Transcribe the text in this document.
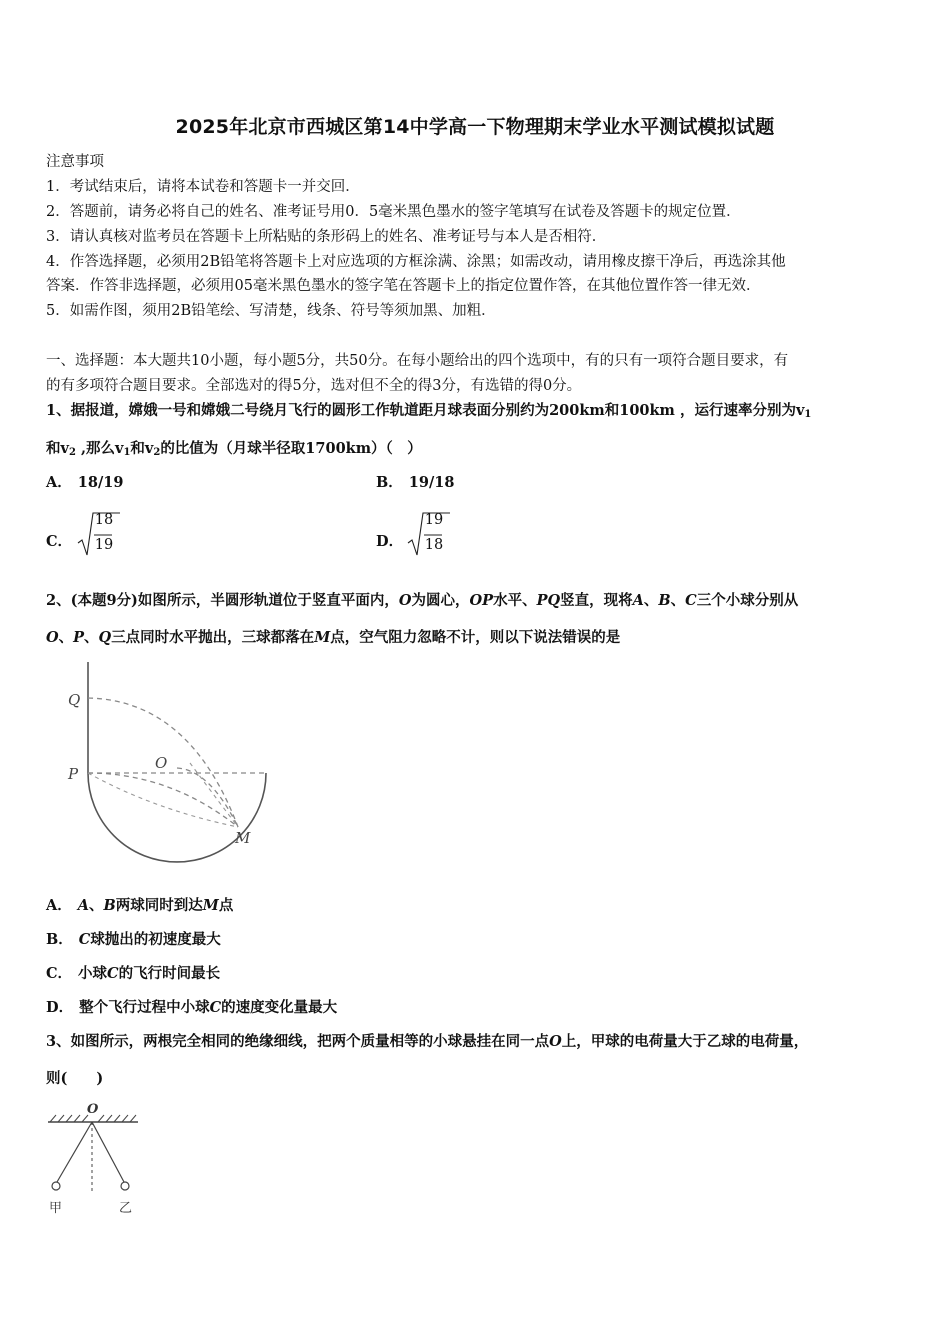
2025年北京市西城区第14中学高一下物理期末学业水平测试模拟试题
注意事项
1．考试结束后，请将本试卷和答题卡一并交回．
2．答题前，请务必将自己的姓名、准考证号用0．5毫米黑色墨水的签字笔填写在试卷及答题卡的规定位置．
3．请认真核对监考员在答题卡上所粘贴的条形码上的姓名、准考证号与本人是否相符．
4．作答选择题，必须用2B铅笔将答题卡上对应选项的方框涂满、涂黑；如需改动，请用橡皮擦干净后，再选涂其他
答案．作答非选择题，必须用05毫米黑色墨水的签字笔在答题卡上的指定位置作答，在其他位置作答一律无效．
5．如需作图，须用2B铅笔绘、写清楚，线条、符号等须加黑、加粗．
一、选择题：本大题共10小题，每小题5分，共50分。在每小题给出的四个选项中，有的只有一项符合题目要求，有
的有多项符合题目要求。全部选对的得5分，选对但不全的得3分，有选错的得0分。
1、据报道，嫦娥一号和嫦娥二号绕月飞行的圆形工作轨道距月球表面分别约为200km和100km ，运行速率分别为$v_1$
和$v_2$ ,那么$v_1$和$v_2$的比值为（月球半径取1700km）（　）
A． 18/19	B． 19/18
C．
18
19	D．
19
18
2、(本题9分)如图所示，半圆形轨道位于竖直平面内，O为圆心，OP水平、PQ竖直，现将A、B、C三个小球分别从
O、P、Q三点同时水平抛出，三球都落在M点，空气阻力忽略不计，则以下说法错误的是
Q
P
O
M
A． A、B两球同时到达M点
B． C球抛出的初速度最大
C． 小球C的飞行时间最长
D． 整个飞行过程中小球C的速度变化量最大
3、如图所示，两根完全相同的绝缘细线，把两个质量相等的小球悬挂在同一点O上，甲球的电荷量大于乙球的电荷量，
则(　　)
O
甲	乙
